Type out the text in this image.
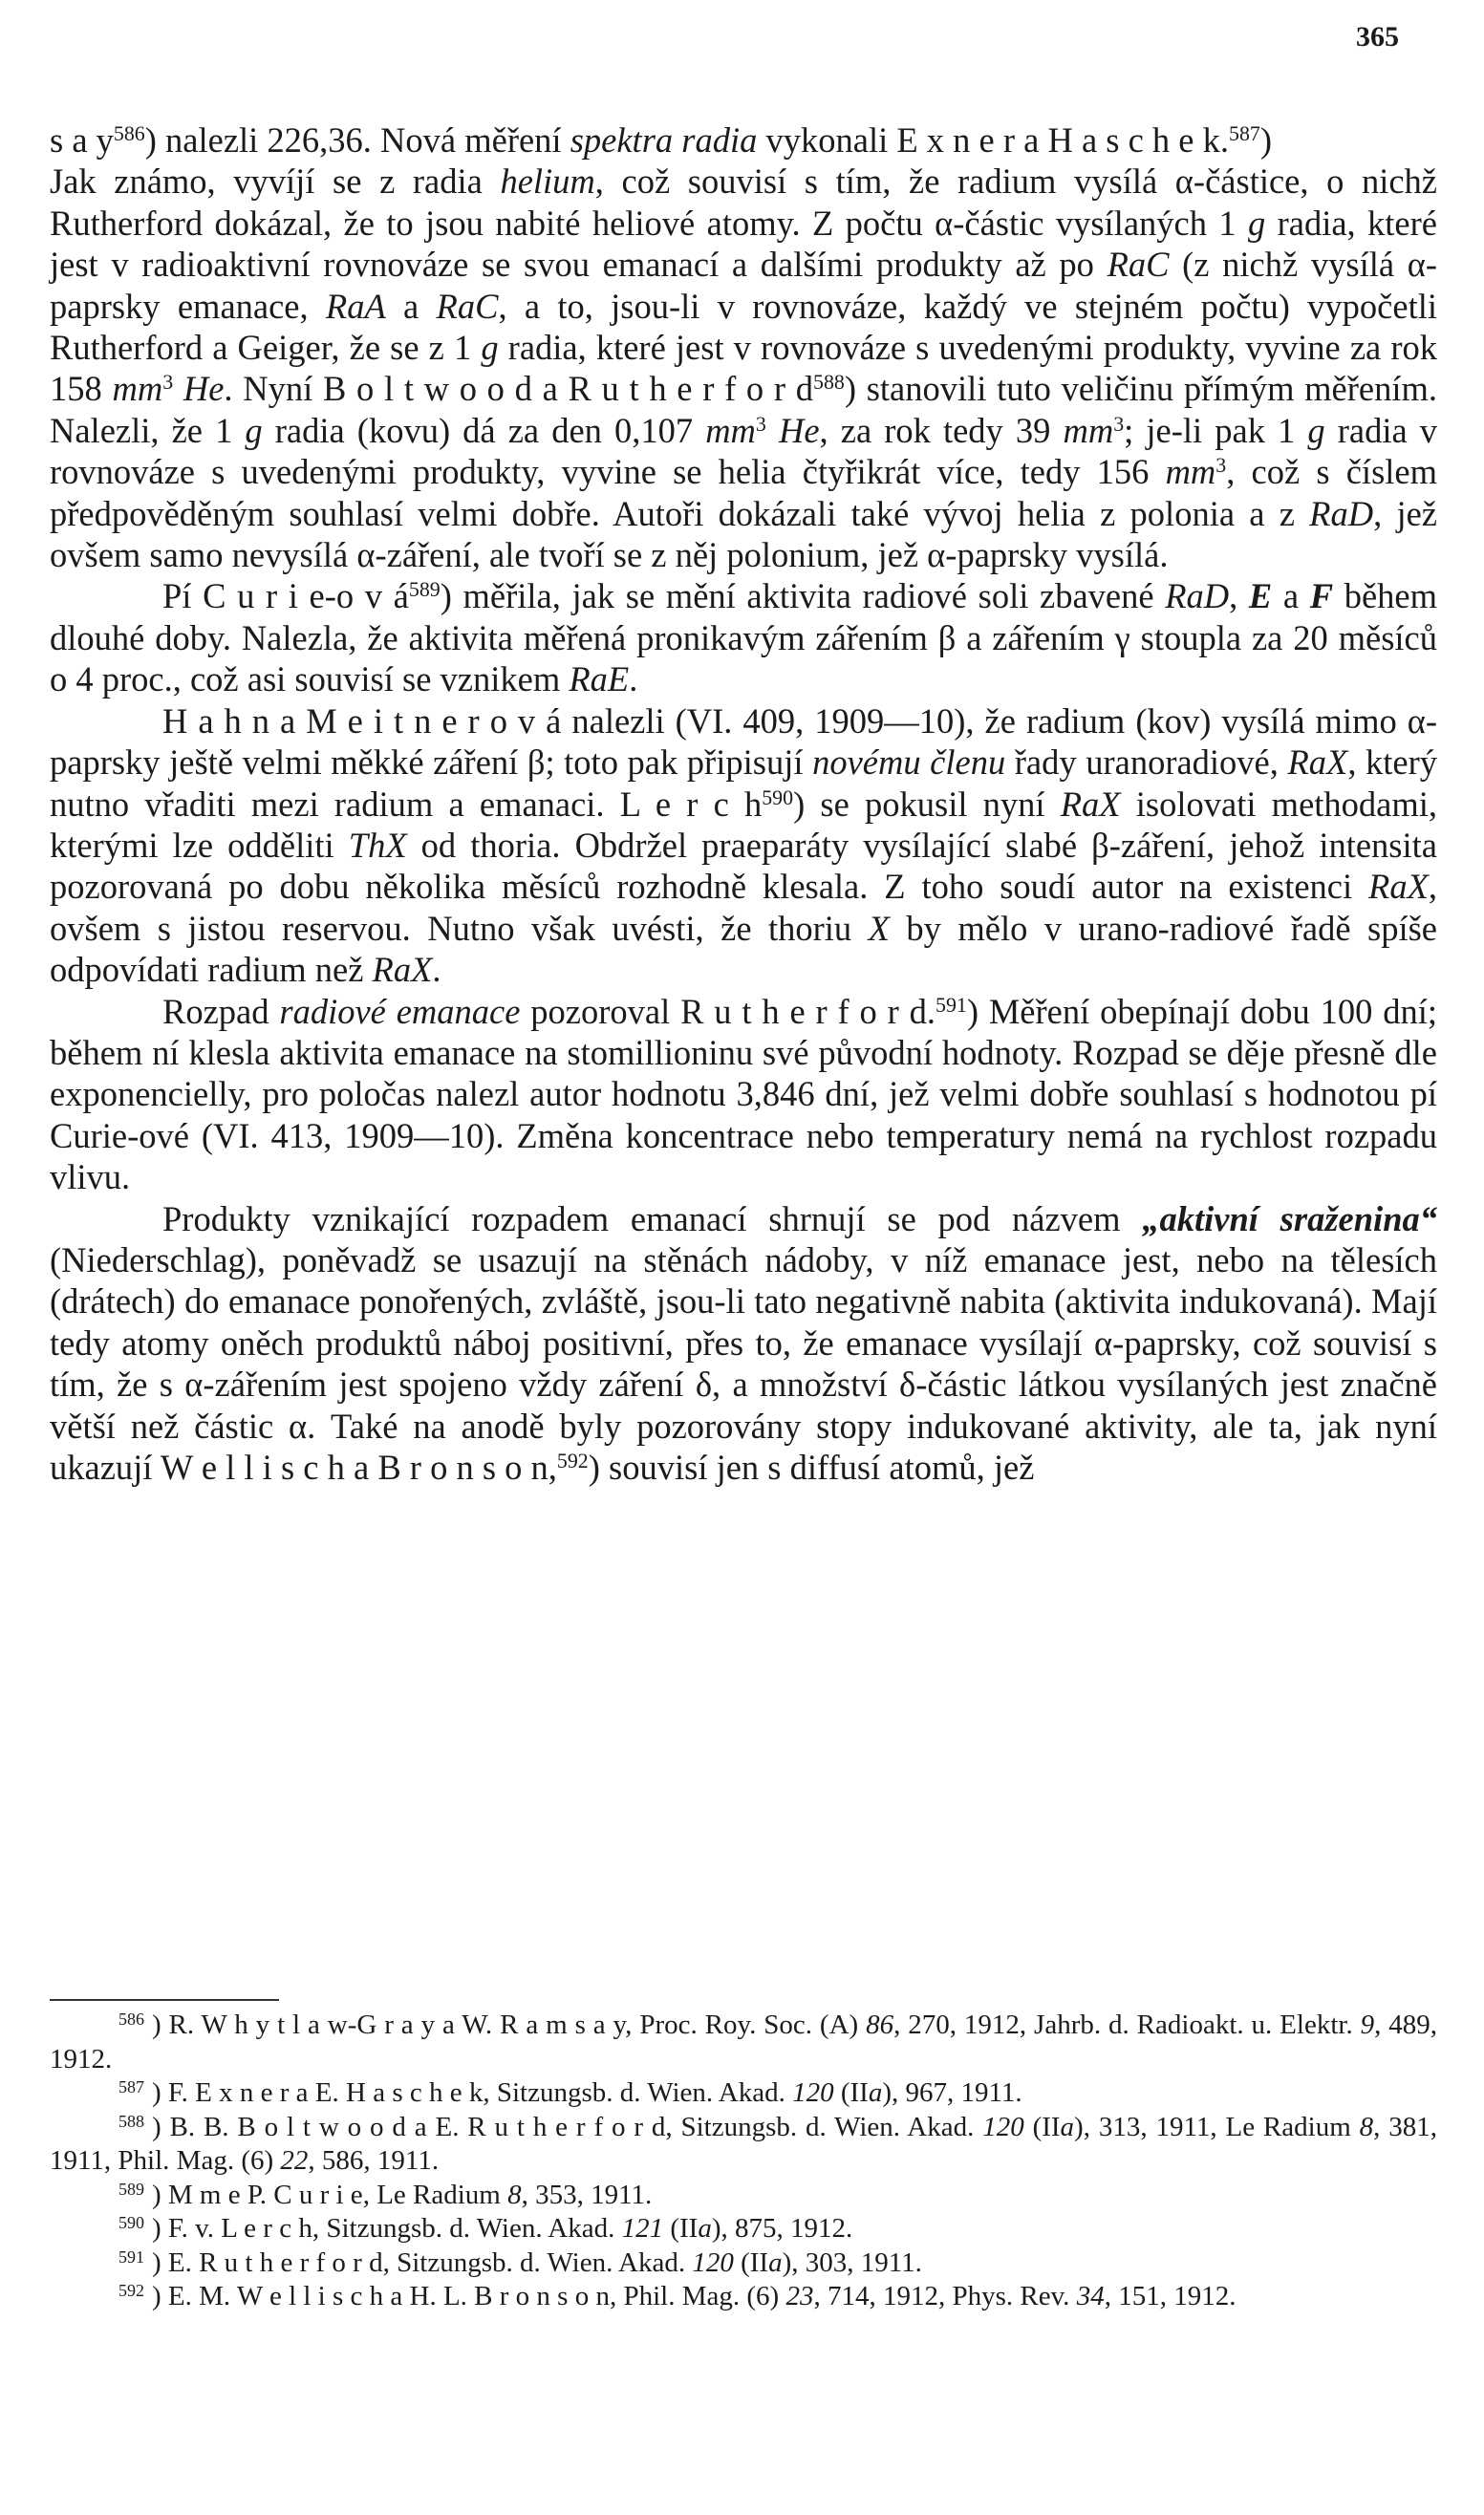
365

s a $y^{586}$) nalezli 226,36. Nová měření spektra radia vykonali E x n e r a H a s c h e k.$^{587}$)

Jak známo, vyvíjí se z radia helium, což souvisí s tím, že radium vysílá α-částice, o nichž Rutherford dokázal, že to jsou nabité heliové atomy. Z počtu α-částic vysílaných 1 g radia, které jest v radioaktivní rovnováze se svou emanací a dalšími produkty až po RaC (z nichž vysílá α-paprsky emanace, RaA a RaC, a to, jsou-li v rovnováze, každý ve stejném počtu) vypočetli Rutherford a Geiger, že se z 1 g radia, které jest v rovnováze s uvedenými produkty, vyvine za rok 158 $mm^3$ He. Nyní B o l t w o o d a R u t h e r f o r $d^{588}$) stanovili tuto veličinu přímým měřením. Nalezli, že 1 g radia (kovu) dá za den 0,107 $mm^3$ He, za rok tedy 39 $mm^3$; je-li pak 1 g radia v rovnováze s uvedenými produkty, vyvine se helia čtyřikrát více, tedy 156 $mm^3$, což s číslem předpověděným souhlasí velmi dobře. Autoři dokázali také vývoj helia z polonia a z RaD, jež ovšem samo nevysílá α-záření, ale tvoří se z něj polonium, jež α-paprsky vysílá.

Pí C u r i e-o v $á^{589}$) měřila, jak se mění aktivita radiové soli zbavené RaD, E a F během dlouhé doby. Nalezla, že aktivita měřená pronikavým zářením β a zářením γ stoupla za 20 měsíců o 4 proc., což asi souvisí se vznikem RaE.

H a h n a M e i t n e r o v á nalezli (VI. 409, 1909—10), že radium (kov) vysílá mimo α-paprsky ještě velmi měkké záření β; toto pak připisují novému členu řady uranoradiové, RaX, který nutno vřaditi mezi radium a emanaci. L e r c $h^{590}$) se pokusil nyní RaX isolovati methodami, kterými lze odděliti ThX od thoria. Obdržel praeparáty vysílající slabé β-záření, jehož intensita pozorovaná po dobu několika měsíců rozhodně klesala. Z toho soudí autor na existenci RaX, ovšem s jistou reservou. Nutno však uvésti, že thoriu X by mělo v urano-radiové řadě spíše odpovídati radium než RaX.

Rozpad radiové emanace pozoroval R u t h e r f o r d.$^{591}$) Měření obepínají dobu 100 dní; během ní klesla aktivita emanace na stomillioninu své původní hodnoty. Rozpad se děje přesně dle exponencielly, pro poločas nalezl autor hodnotu 3,846 dní, jež velmi dobře souhlasí s hodnotou pí Curie-ové (VI. 413, 1909—10). Změna koncentrace nebo temperatury nemá na rychlost rozpadu vlivu.

Produkty vznikající rozpadem emanací shrnují se pod názvem „aktivní sraženina“ (Niederschlag), poněvadž se usazují na stěnách nádoby, v níž emanace jest, nebo na tělesích (drátech) do emanace ponořených, zvláště, jsou-li tato negativně nabita (aktivita indukovaná). Mají tedy atomy oněch produktů náboj positivní, přes to, že emanace vysílají α-paprsky, což souvisí s tím, že s α-zářením jest spojeno vždy záření δ, a množství δ-částic látkou vysílaných jest značně větší než částic α. Také na anodě byly pozorovány stopy indukované aktivity, ale ta, jak nyní ukazují W e l l i s c h a B r o n s o n,$^{592}$) souvisí jen s diffusí atomů, jež

$^{586}$ ) R. W h y t l a w-G r a y a W. R a m s a y, Proc. Roy. Soc. (A) 86, 270, 1912, Jahrb. d. Radioakt. u. Elektr. 9, 489, 1912.

$^{587}$ ) F. E x n e r a E. H a s c h e k, Sitzungsb. d. Wien. Akad. 120 (IIa), 967, 1911.

$^{588}$ ) B. B. B o l t w o o d a E. R u t h e r f o r d, Sitzungsb. d. Wien. Akad. 120 (IIa), 313, 1911, Le Radium 8, 381, 1911, Phil. Mag. (6) 22, 586, 1911.

$^{589}$ ) M m e P. C u r i e, Le Radium 8, 353, 1911.

$^{590}$ ) F. v. L e r c h, Sitzungsb. d. Wien. Akad. 121 (IIa), 875, 1912.

$^{591}$ ) E. R u t h e r f o r d, Sitzungsb. d. Wien. Akad. 120 (IIa), 303, 1911.

$^{592}$ ) E. M. W e l l i s c h a H. L. B r o n s o n, Phil. Mag. (6) 23, 714, 1912, Phys. Rev. 34, 151, 1912.
